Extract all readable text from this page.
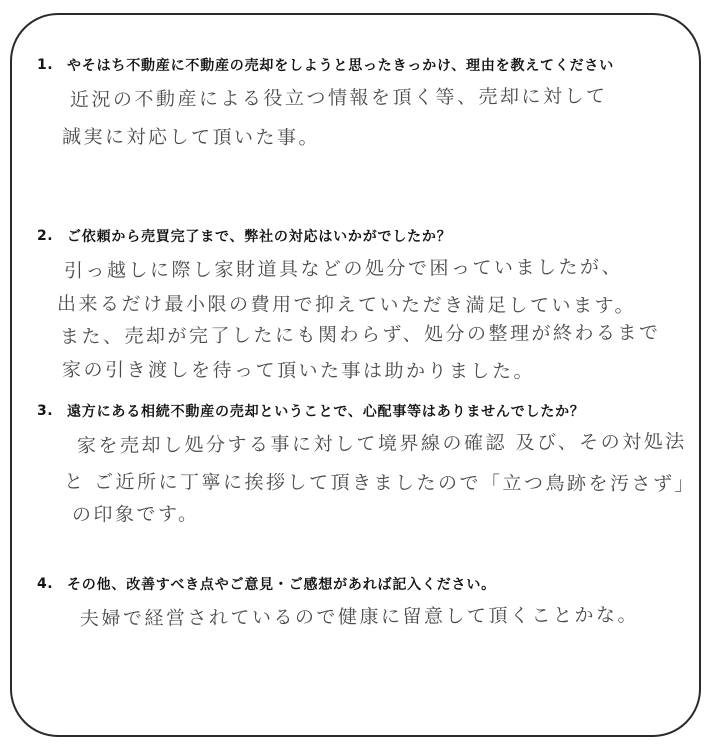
1. やそはち不動産に不動産の売却をしようと思ったきっかけ、理由を教えてください
近況の不動産による役立つ情報を頂く等、売却に対して
誠実に対応して頂いた事。
2. ご依頼から売買完了まで、弊社の対応はいかがでしたか？
引っ越しに際し家財道具などの処分で困っていましたが、
出来るだけ最小限の費用で抑えていただき満足しています。
また、売却が完了したにも関わらず、処分の整理が終わるまで
家の引き渡しを待って頂いた事は助かりました。
3. 遠方にある相続不動産の売却ということで、心配事等はありませんでしたか？
家を売却し処分する事に対して境界線の確認 及び、その対処法
と ご近所に丁寧に挨拶して頂きましたので「立つ鳥跡を汚さず」
の印象です。
4. その他、改善すべき点やご意見・ご感想があれば記入ください。
夫婦で経営されているので健康に留意して頂くことかな。
